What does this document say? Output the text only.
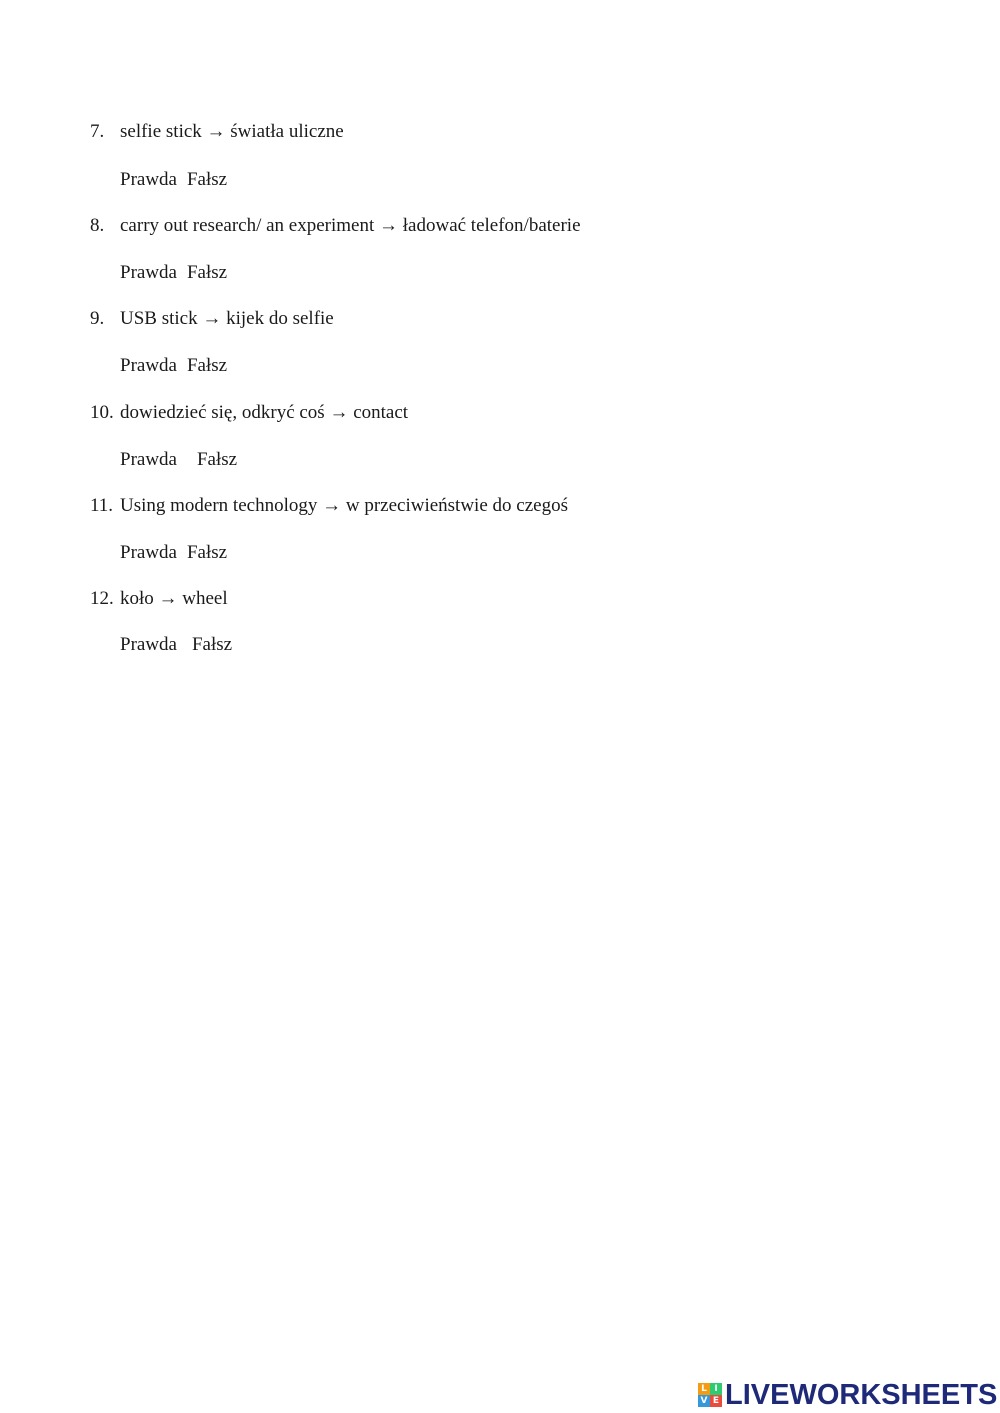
7. selfie stick → światła uliczne
Prawda Fałsz
8. carry out research/ an experiment → ładować telefon/baterie
Prawda Fałsz
9. USB stick → kijek do selfie
Prawda Fałsz
10. dowiedzieć się, odkryć coś → contact
Prawda Fałsz
11. Using modern technology → w przeciwieństwie do czegoś
Prawda Fałsz
12. koło → wheel
Prawda Fałsz
L I
V E LIVEWORKSHEETS
